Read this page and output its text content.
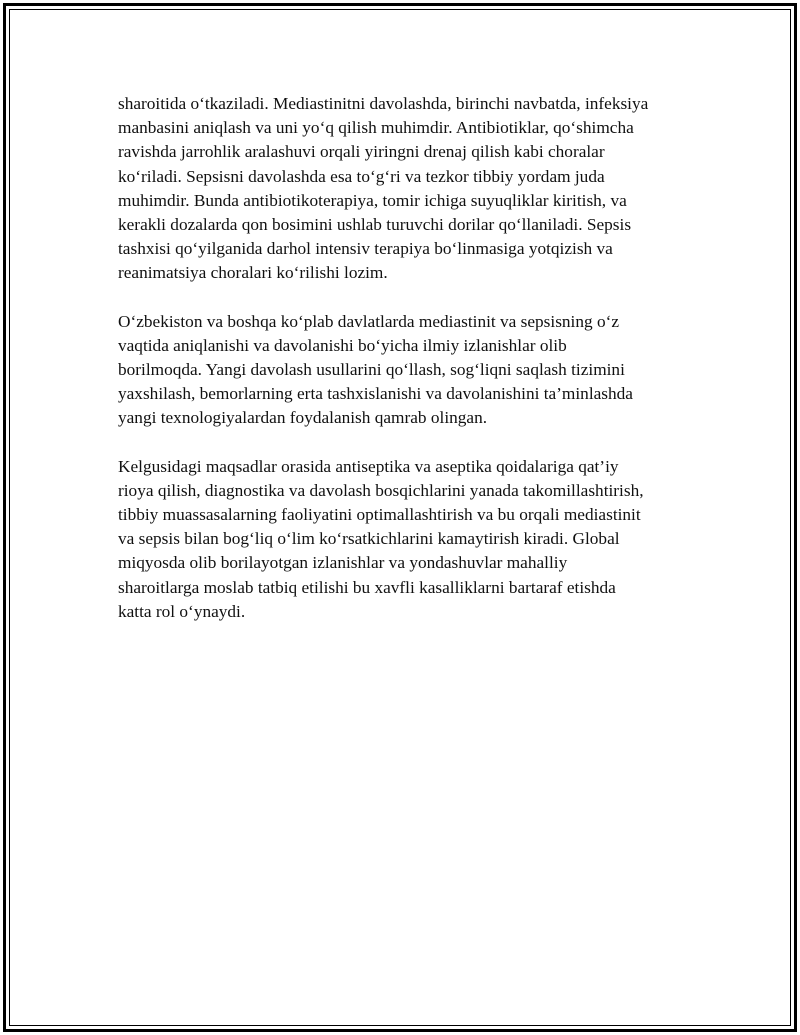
sharoitida o‘tkaziladi. Mediastinitni davolashda, birinchi navbatda, infeksiya
manbasini aniqlash va uni yo‘q qilish muhimdir. Antibiotiklar, qo‘shimcha
ravishda jarrohlik aralashuvi orqali yiringni drenaj qilish kabi choralar
ko‘riladi. Sepsisni davolashda esa to‘g‘ri va tezkor tibbiy yordam juda
muhimdir. Bunda antibiotikoterapiya, tomir ichiga suyuqliklar kiritish, va
kerakli dozalarda qon bosimini ushlab turuvchi dorilar qo‘llaniladi. Sepsis
tashxisi qo‘yilganida darhol intensiv terapiya bo‘linmasiga yotqizish va
reanimatsiya choralari ko‘rilishi lozim.

O‘zbekiston va boshqa ko‘plab davlatlarda mediastinit va sepsisning o‘z
vaqtida aniqlanishi va davolanishi bo‘yicha ilmiy izlanishlar olib
borilmoqda. Yangi davolash usullarini qo‘llash, sog‘liqni saqlash tizimini
yaxshilash, bemorlarning erta tashxislanishi va davolanishini ta’minlashda
yangi texnologiyalardan foydalanish qamrab olingan.

Kelgusidagi maqsadlar orasida antiseptika va aseptika qoidalariga qat’iy
rioya qilish, diagnostika va davolash bosqichlarini yanada takomillashtirish,
tibbiy muassasalarning faoliyatini optimallashtirish va bu orqali mediastinit
va sepsis bilan bog‘liq o‘lim ko‘rsatkichlarini kamaytirish kiradi. Global
miqyosda olib borilayotgan izlanishlar va yondashuvlar mahalliy
sharoitlarga moslab tatbiq etilishi bu xavfli kasalliklarni bartaraf etishda
katta rol o‘ynaydi.
